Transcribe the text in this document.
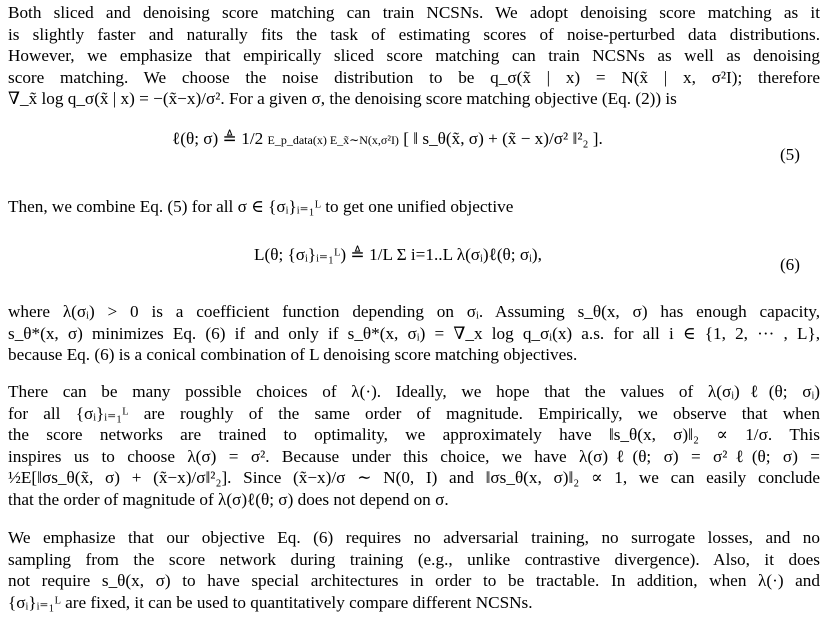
Both sliced and denoising score matching can train NCSNs. We adopt denoising score matching as it
is slightly faster and naturally fits the task of estimating scores of noise-perturbed data distributions.
However, we emphasize that empirically sliced score matching can train NCSNs as well as denoising
score matching. We choose the noise distribution to be q_σ(x̃ | x) = N(x̃ | x, σ²I); therefore
∇_x̃ log q_σ(x̃ | x) = −(x̃−x)/σ². For a given σ, the denoising score matching objective (Eq. (2)) is
ℓ(θ; σ) ≜ 1/2 E_p_data(x) E_x̃∼N(x,σ²I) [ ‖ s_θ(x̃, σ) + (x̃ − x)/σ² ‖²₂ ].
(5)
Then, we combine Eq. (5) for all σ ∈ {σᵢ}ᵢ₌₁ᴸ to get one unified objective
L(θ; {σᵢ}ᵢ₌₁ᴸ) ≜ 1/L Σ i=1..L λ(σᵢ)ℓ(θ; σᵢ),
(6)
where λ(σᵢ) > 0 is a coefficient function depending on σᵢ. Assuming s_θ(x, σ) has enough capacity,
s_θ*(x, σ) minimizes Eq. (6) if and only if s_θ*(x, σᵢ) = ∇_x log q_σᵢ(x) a.s. for all i ∈ {1, 2, ··· , L},
because Eq. (6) is a conical combination of L denoising score matching objectives.
There can be many possible choices of λ(·). Ideally, we hope that the values of λ(σᵢ)ℓ(θ; σᵢ)
for all {σᵢ}ᵢ₌₁ᴸ are roughly of the same order of magnitude. Empirically, we observe that when
the score networks are trained to optimality, we approximately have ‖s_θ(x, σ)‖₂ ∝ 1/σ. This
inspires us to choose λ(σ) = σ². Because under this choice, we have λ(σ)ℓ(θ; σ) = σ²ℓ(θ; σ) =
½E[‖σs_θ(x̃, σ) + (x̃−x)/σ‖²₂]. Since (x̃−x)/σ ∼ N(0, I) and ‖σs_θ(x, σ)‖₂ ∝ 1, we can easily conclude
that the order of magnitude of λ(σ)ℓ(θ; σ) does not depend on σ.
We emphasize that our objective Eq. (6) requires no adversarial training, no surrogate losses, and no
sampling from the score network during training (e.g., unlike contrastive divergence). Also, it does
not require s_θ(x, σ) to have special architectures in order to be tractable. In addition, when λ(·) and
{σᵢ}ᵢ₌₁ᴸ are fixed, it can be used to quantitatively compare different NCSNs.
